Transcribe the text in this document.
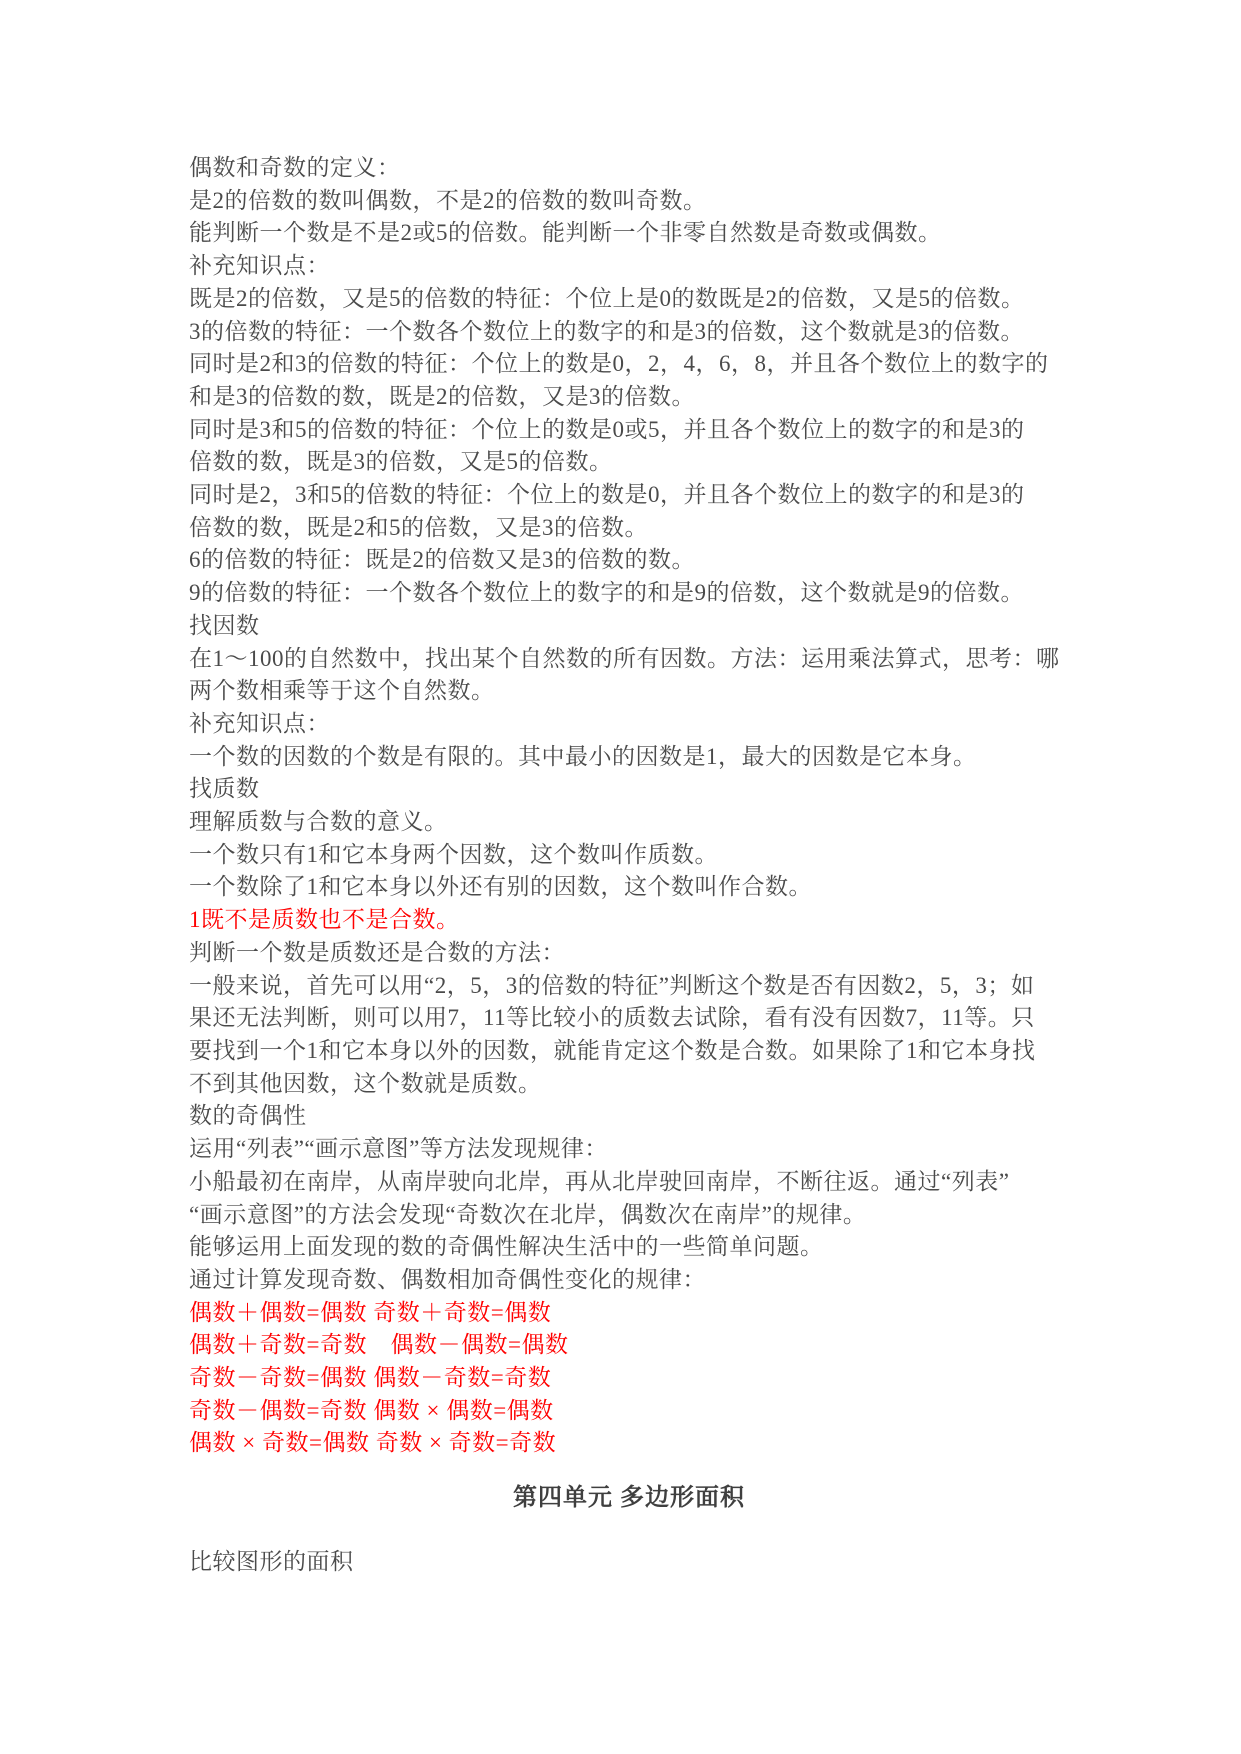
偶数和奇数的定义：
是2的倍数的数叫偶数，不是2的倍数的数叫奇数。
能判断一个数是不是2或5的倍数。能判断一个非零自然数是奇数或偶数。
补充知识点：
既是2的倍数，又是5的倍数的特征：个位上是0的数既是2的倍数，又是5的倍数。
3的倍数的特征：一个数各个数位上的数字的和是3的倍数，这个数就是3的倍数。
同时是2和3的倍数的特征：个位上的数是0，2，4，6，8，并且各个数位上的数字的
和是3的倍数的数，既是2的倍数，又是3的倍数。
同时是3和5的倍数的特征：个位上的数是0或5，并且各个数位上的数字的和是3的
倍数的数，既是3的倍数，又是5的倍数。
同时是2，3和5的倍数的特征：个位上的数是0，并且各个数位上的数字的和是3的
倍数的数，既是2和5的倍数，又是3的倍数。
6的倍数的特征：既是2的倍数又是3的倍数的数。
9的倍数的特征：一个数各个数位上的数字的和是9的倍数，这个数就是9的倍数。
找因数
在1～100的自然数中，找出某个自然数的所有因数。方法：运用乘法算式，思考：哪
两个数相乘等于这个自然数。
补充知识点：
一个数的因数的个数是有限的。其中最小的因数是1，最大的因数是它本身。
找质数
理解质数与合数的意义。
一个数只有1和它本身两个因数，这个数叫作质数。
一个数除了1和它本身以外还有别的因数，这个数叫作合数。
1既不是质数也不是合数。
判断一个数是质数还是合数的方法：
一般来说，首先可以用“2，5，3的倍数的特征”判断这个数是否有因数2，5，3；如
果还无法判断，则可以用7，11等比较小的质数去试除，看有没有因数7，11等。只
要找到一个1和它本身以外的因数，就能肯定这个数是合数。如果除了1和它本身找
不到其他因数，这个数就是质数。
数的奇偶性
运用“列表”“画示意图”等方法发现规律：
小船最初在南岸，从南岸驶向北岸，再从北岸驶回南岸，不断往返。通过“列表”
“画示意图”的方法会发现“奇数次在北岸，偶数次在南岸”的规律。
能够运用上面发现的数的奇偶性解决生活中的一些简单问题。
通过计算发现奇数、偶数相加奇偶性变化的规律：
偶数＋偶数=偶数 奇数＋奇数=偶数
偶数＋奇数=奇数　偶数－偶数=偶数
奇数－奇数=偶数 偶数－奇数=奇数
奇数－偶数=奇数 偶数 × 偶数=偶数
偶数 × 奇数=偶数 奇数 × 奇数=奇数
第四单元 多边形面积
比较图形的面积
